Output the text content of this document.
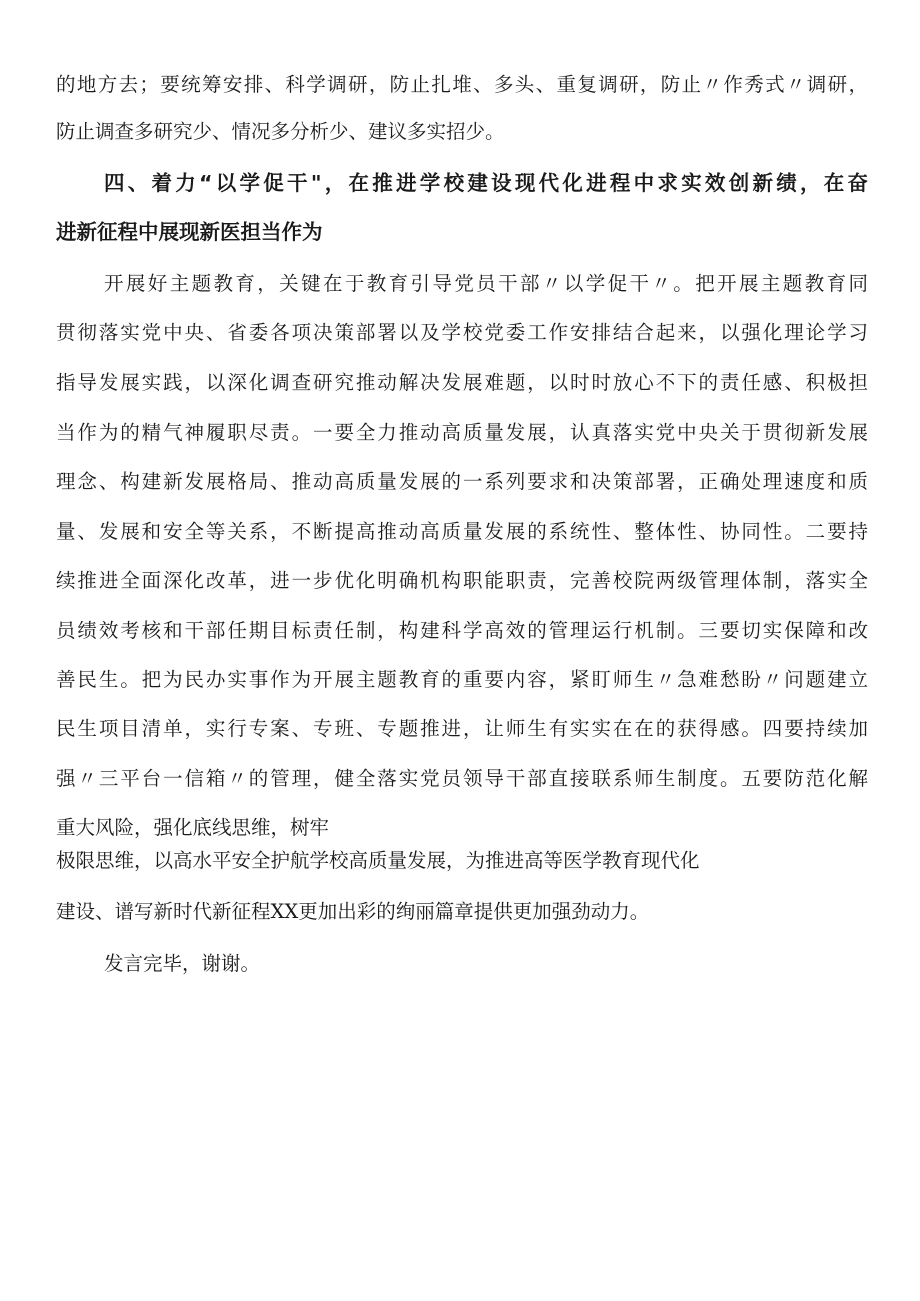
的地方去；要统筹安排、科学调研，防止扎堆、多头、重复调研，防止〃作秀式〃调研，
防止调查多研究少、情况多分析少、建议多实招少。
四、着力“以学促干"，在推进学校建设现代化进程中求实效创新绩，在奋
进新征程中展现新医担当作为
开展好主题教育，关键在于教育引导党员干部〃以学促干〃。把开展主题教育同
贯彻落实党中央、省委各项决策部署以及学校党委工作安排结合起来，以强化理论学习
指导发展实践，以深化调查研究推动解决发展难题，以时时放心不下的责任感、积极担
当作为的精气神履职尽责。一要全力推动高质量发展，认真落实党中央关于贯彻新发展
理念、构建新发展格局、推动高质量发展的一系列要求和决策部署，正确处理速度和质
量、发展和安全等关系，不断提高推动高质量发展的系统性、整体性、协同性。二要持
续推进全面深化改革，进一步优化明确机构职能职责，完善校院两级管理体制，落实全
员绩效考核和干部任期目标责任制，构建科学高效的管理运行机制。三要切实保障和改
善民生。把为民办实事作为开展主题教育的重要内容，紧盯师生〃急难愁盼〃问题建立
民生项目清单，实行专案、专班、专题推进，让师生有实实在在的获得感。四要持续加
强〃三平台一信箱〃的管理，健全落实党员领导干部直接联系师生制度。五要防范化解
重大风险，强化底线思维，树牢
极限思维，以高水平安全护航学校高质量发展，为推进高等医学教育现代化
建设、谱写新时代新征程XX更加出彩的绚丽篇章提供更加强劲动力。
发言完毕，谢谢。
